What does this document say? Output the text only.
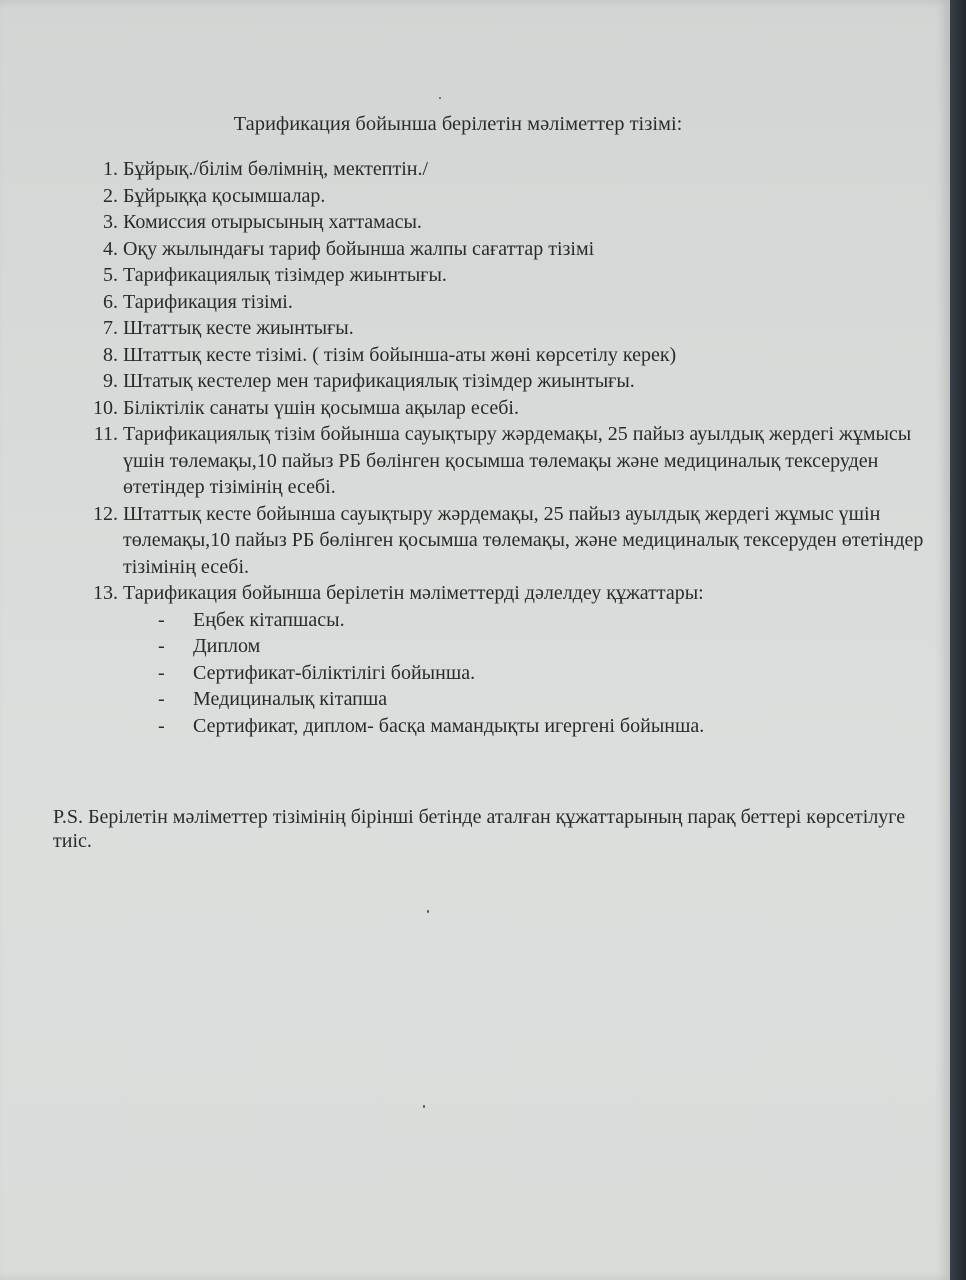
Тарификация бойынша берілетін мәліметтер тізімі:
1. Бұйрық./білім бөлімнің, мектептін./
2. Бұйрыққа қосымшалар.
3. Комиссия отырысының хаттамасы.
4. Оқу жылындағы тариф бойынша жалпы сағаттар тізімі
5. Тарификациялық тізімдер жиынтығы.
6. Тарификация тізімі.
7. Штаттық кесте жиынтығы.
8. Штаттық кесте тізімі. ( тізім бойынша-аты жөні көрсетілу керек)
9. Штатық кестелер мен тарификациялық тізімдер жиынтығы.
10. Біліктілік санаты үшін қосымша ақылар есебі.
11. Тарификациялық тізім бойынша сауықтыру жәрдемақы, 25 пайыз ауылдық жердегі жұмысы үшін төлемақы,10 пайыз РБ бөлінген қосымша төлемақы және медициналық тексеруден өтетіндер тізімінің есебі.
12. Штаттық кесте бойынша сауықтыру жәрдемақы, 25 пайыз ауылдық жердегі жұмыс үшін төлемақы,10 пайыз РБ бөлінген қосымша төлемақы, және медициналық тексеруден өтетіндер тізімінің есебі.
13. Тарификация бойынша берілетін мәліметтерді дәлелдеу құжаттары:
- Еңбек кітапшасы.
- Диплом
- Сертификат-біліктілігі бойынша.
- Медициналық кітапша
- Сертификат, диплом- басқа мамандықты игергені бойынша.

P.S. Берілетін мәліметтер тізімінің бірінші бетінде аталған құжаттарының парақ беттері көрсетілуге тиіс.
